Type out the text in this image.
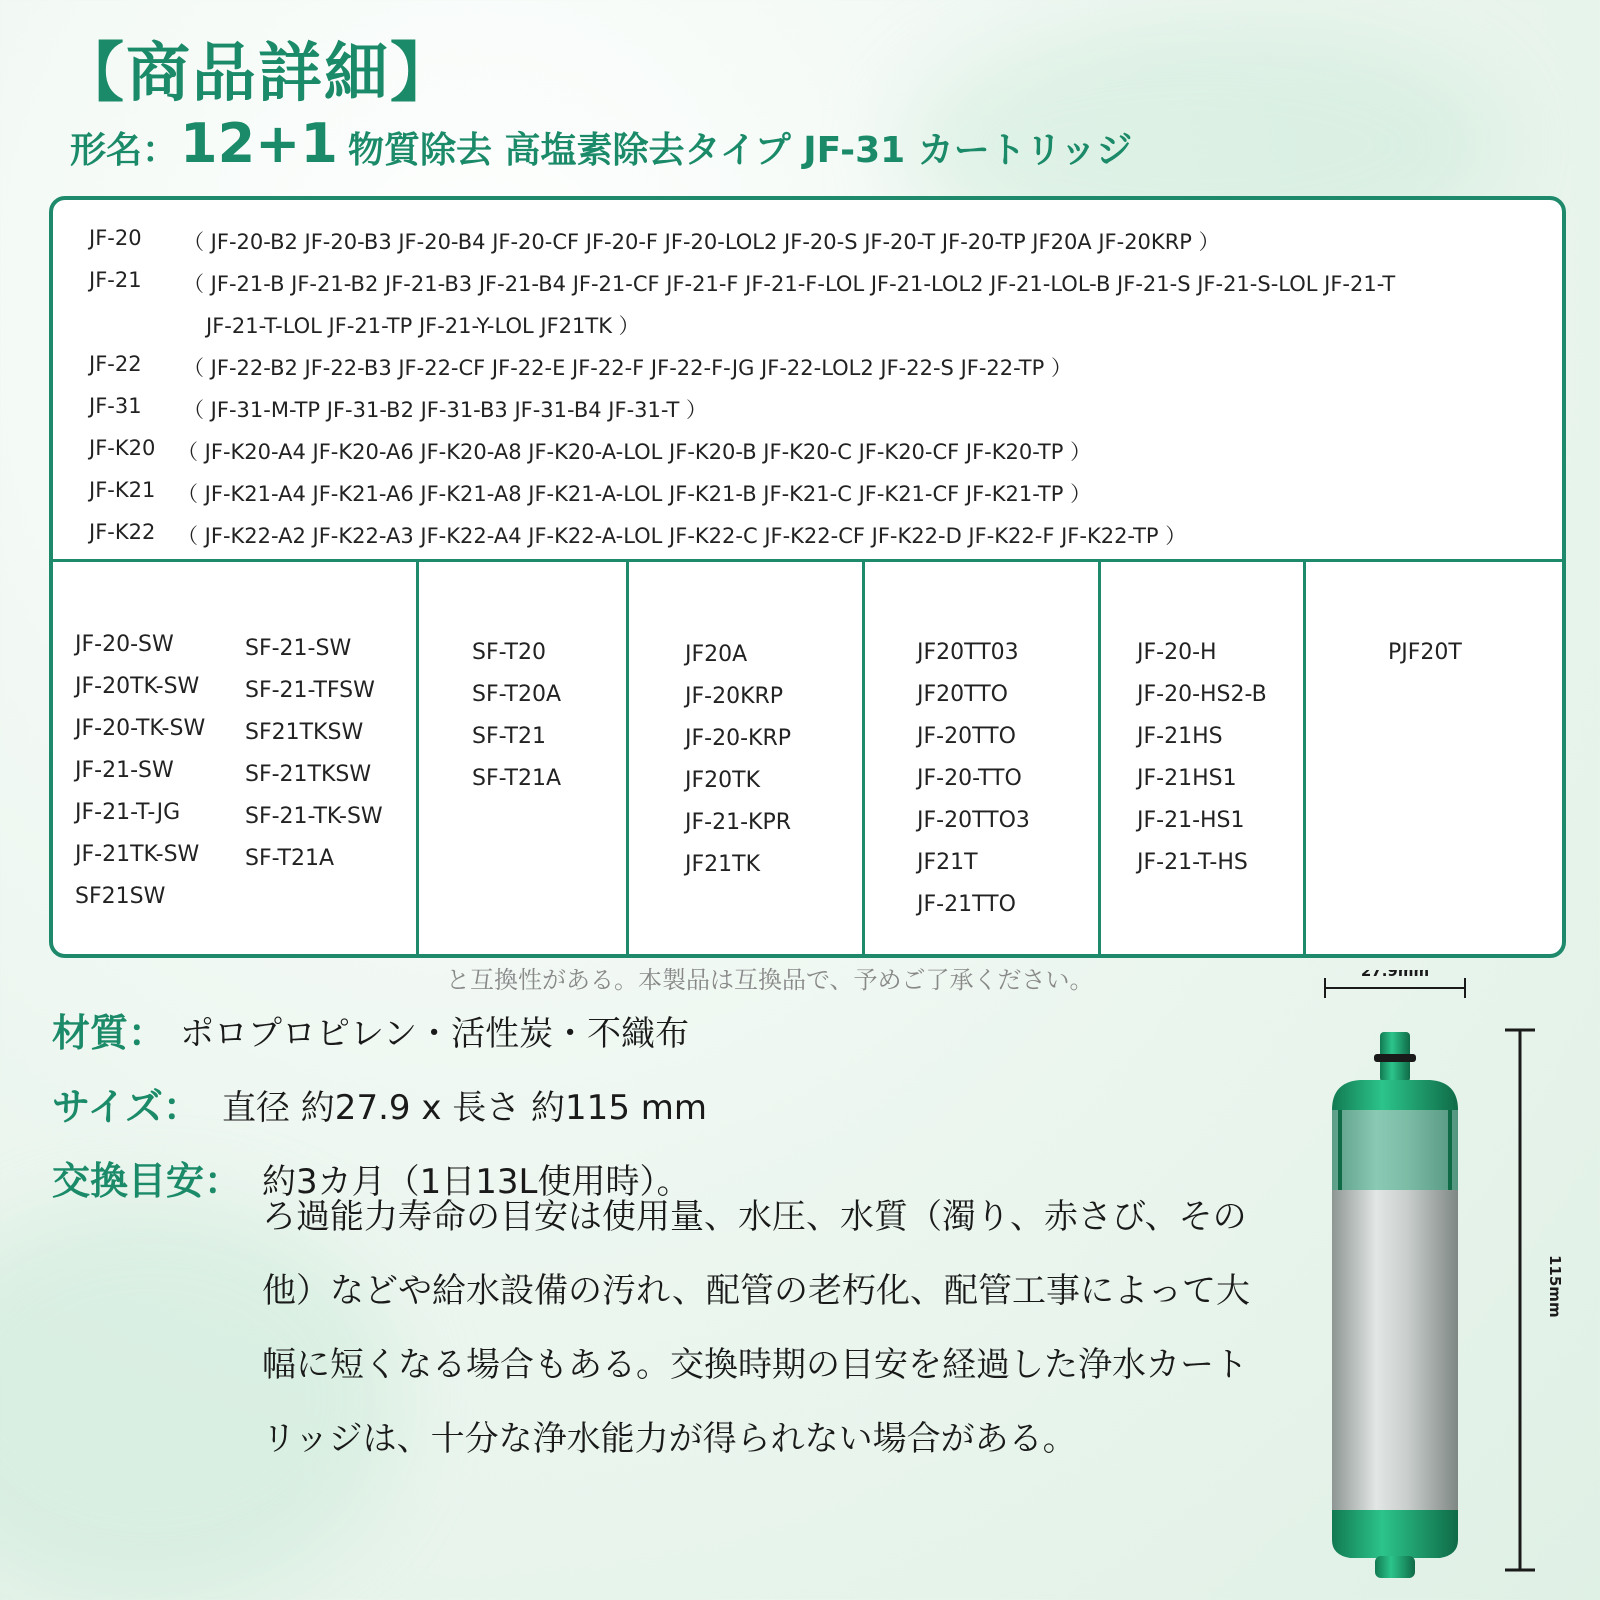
【商品詳細】
形名：12+1 物質除去 高塩素除去タイプ JF-31 カートリッジ
JF-20 （ JF-20-B2 JF-20-B3 JF-20-B4 JF-20-CF JF-20-F JF-20-LOL2 JF-20-S JF-20-T JF-20-TP JF20A JF-20KRP ）
JF-21 （ JF-21-B JF-21-B2 JF-21-B3 JF-21-B4 JF-21-CF JF-21-F JF-21-F-LOL JF-21-LOL2 JF-21-LOL-B JF-21-S JF-21-S-LOL JF-21-T
JF-21-T-LOL JF-21-TP JF-21-Y-LOL JF21TK ）
JF-22 （ JF-22-B2 JF-22-B3 JF-22-CF JF-22-E JF-22-F JF-22-F-JG JF-22-LOL2 JF-22-S JF-22-TP ）
JF-31 （ JF-31-M-TP JF-31-B2 JF-31-B3 JF-31-B4 JF-31-T ）
JF-K20 （ JF-K20-A4 JF-K20-A6 JF-K20-A8 JF-K20-A-LOL JF-K20-B JF-K20-C JF-K20-CF JF-K20-TP ）
JF-K21 （ JF-K21-A4 JF-K21-A6 JF-K21-A8 JF-K21-A-LOL JF-K21-B JF-K21-C JF-K21-CF JF-K21-TP ）
JF-K22 （ JF-K22-A2 JF-K22-A3 JF-K22-A4 JF-K22-A-LOL JF-K22-C JF-K22-CF JF-K22-D JF-K22-F JF-K22-TP ）
JF-20-SW
JF-20TK-SW
JF-20-TK-SW
JF-21-SW
JF-21-T-JG
JF-21TK-SW
SF21SW
SF-21-SW
SF-21-TFSW
SF21TKSW
SF-21TKSW
SF-21-TK-SW
SF-T21A
SF-T20
SF-T20A
SF-T21
SF-T21A
JF20A
JF-20KRP
JF-20-KRP
JF20TK
JF-21-KPR
JF21TK
JF20TT03
JF20TTO
JF-20TTO
JF-20-TTO
JF-20TTO3
JF21T
JF-21TTO
JF-20-H
JF-20-HS2-B
JF-21HS
JF-21HS1
JF-21-HS1
JF-21-T-HS
PJF20T
と互換性がある。本製品は互換品で、予めご了承ください。
材質： ポロプロピレン・活性炭・不織布
サイズ： 直径 約27.9 x 長さ 約115 mm
交換目安： 約3カ月（1日13L使用時）。
ろ過能力寿命の目安は使用量、水圧、水質（濁り、赤さび、その他）などや給水設備の汚れ、配管の老朽化、配管工事によって大幅に短くなる場合もある。交換時期の目安を経過した浄水カートリッジは、十分な浄水能力が得られない場合がある。
27.9mm
115mm
